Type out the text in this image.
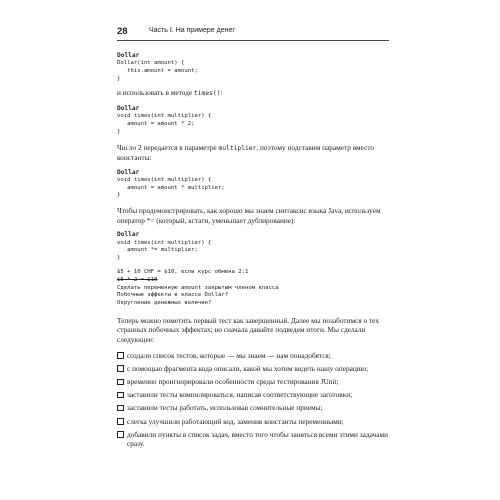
28	Часть I. На примере денег
Dollar
Dollar(int amount) {
this.amount = amount;
}
и использовать в методе times():
Dollar
void times(int multiplier) {
amount = amount * 2;
}
Число 2 передается в параметре multiplier, поэтому подставим параметр вместо константы:
Dollar
void times(int multiplier) {
amount = amount * multiplier;
}
Чтобы продемонстрировать, как хорошо мы знаем синтаксис языка Java, используем оператор *= (который, кстати, уменьшает дублирование):
Dollar
void times(int multiplier) {
amount *= multiplier;
}
$5 + 10 CHF = $10, если курс обмена 2:1
$5 * 2 = $10
Сделать переменную amount закрытым членом класса
Побочные эффекты в классе Dollar?
Округление денежных величин?
Теперь можно пометить первый тест как завершенный. Далее мы позаботимся о тех странных побочных эффектах; но сначала давайте подведем итоги. Мы сделали следующее:
создали список тестов, которые — мы знаем — нам понадобятся;
с помощью фрагмента кода описали, какой мы хотим видеть нашу операцию;
временно проигнорировали особенности среды тестирования JUnit;
заставили тесты компилироваться, написав соответствующие заготовки;
заставили тесты работать, использовав сомнительные приемы;
слегка улучшили работающий код, заменив константы переменными;
добавили пункты в список задач, вместо того чтобы заняться всеми этими задачами сразу.
